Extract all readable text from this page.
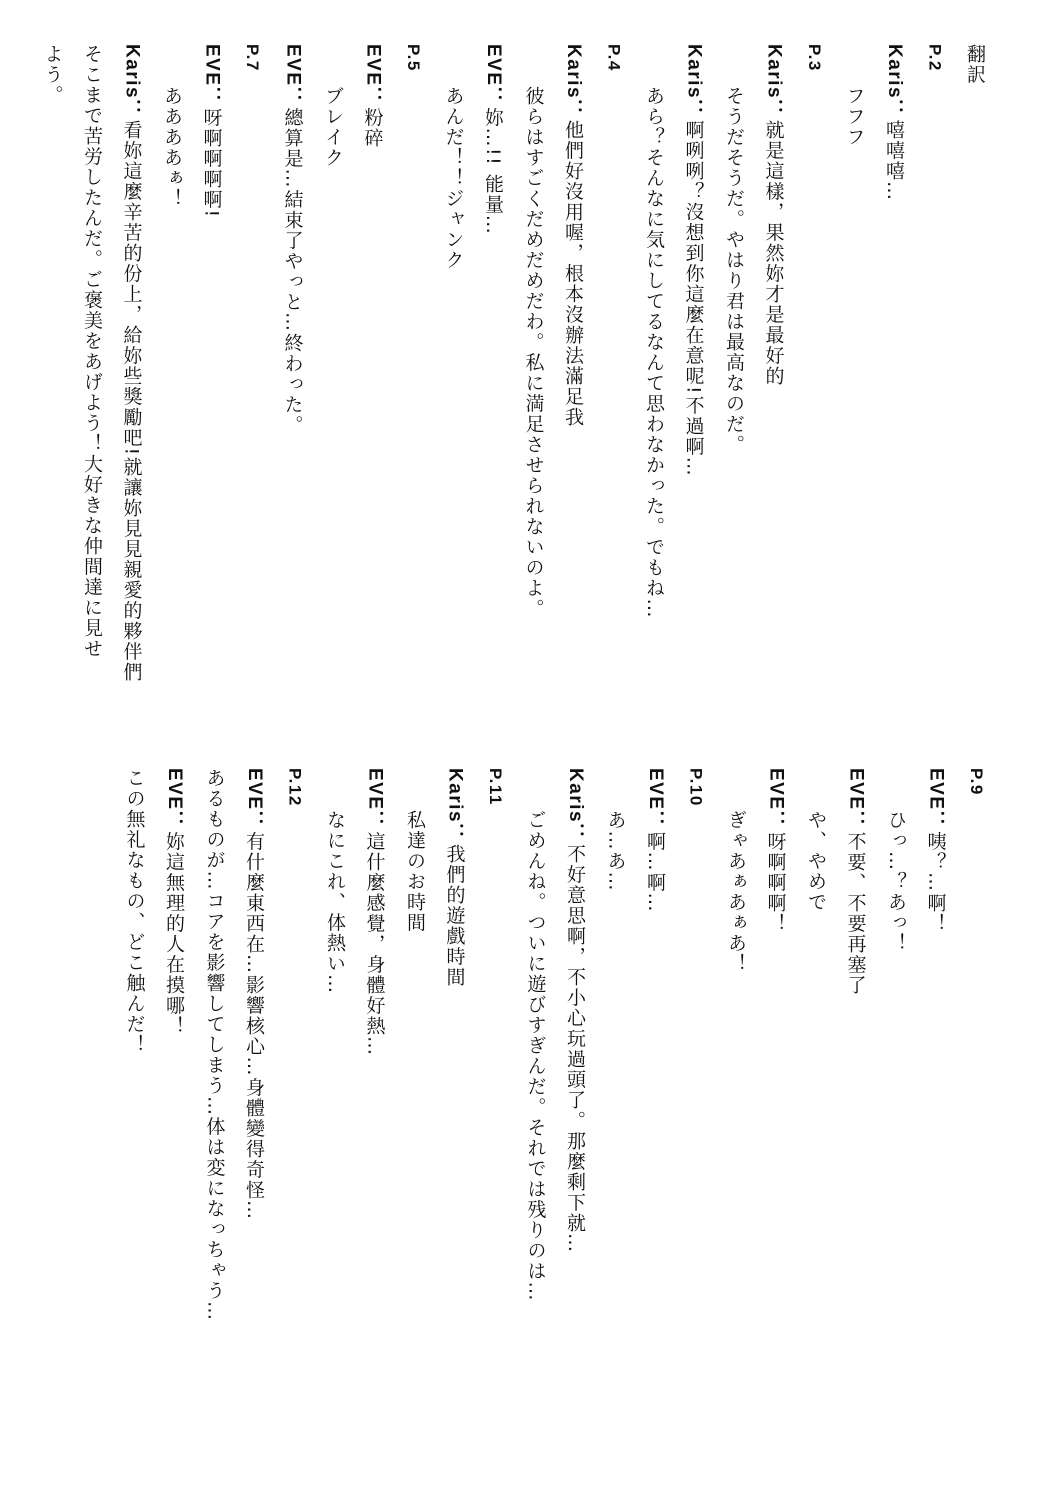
翻訳
P.2
Karis：嘻嘻嘻…
フフフ
P.3
Karis：就是這樣，果然妳才是最好的
そうだそうだ。やはり君は最高なのだ。
Karis：啊咧咧？沒想到你這麼在意呢!不過啊…
あら？そんなに気にしてるなんて思わなかった。でもね…
P.4
Karis：他們好沒用喔，根本沒辦法滿足我
彼らはすごくだめだめだわ。私に満足させられないのよ。
EVE：妳…!! 能量…
あんだ！！ジャンク
P.5
EVE：粉碎
ブレイク
EVE：總算是…結束了やっと…終わった。
P.7
EVE：呀啊啊啊啊!
ああああぁ！
Karis：看妳這麼辛苦的份上，給妳些獎勵吧!就讓妳見見親愛的夥伴們
そこまで苦労したんだ。ご褒美をあげよう！大好きな仲間達に見せ
よう。
P.9
EVE：咦？…啊！
ひっ…？あっ！
EVE：不要、不要再塞了
や、やめで
EVE：呀啊啊啊！
ぎゃあぁあぁあ！
P.10
EVE：啊…啊…
あ…あ…
Karis：不好意思啊，不小心玩過頭了。那麼剩下就…
ごめんね。ついに遊びすぎんだ。それでは残りのは…
P.11
Karis：我們的遊戲時間
私達のお時間
EVE：這什麼感覺，身體好熱…
なにこれ、体熱い…
P.12
EVE：有什麼東西在…影響核心…身體變得奇怪…
あるものが…コアを影響してしまう…体は変になっちゃう…
EVE：妳這無理的人在摸哪！
この無礼なもの、どこ触んだ！
